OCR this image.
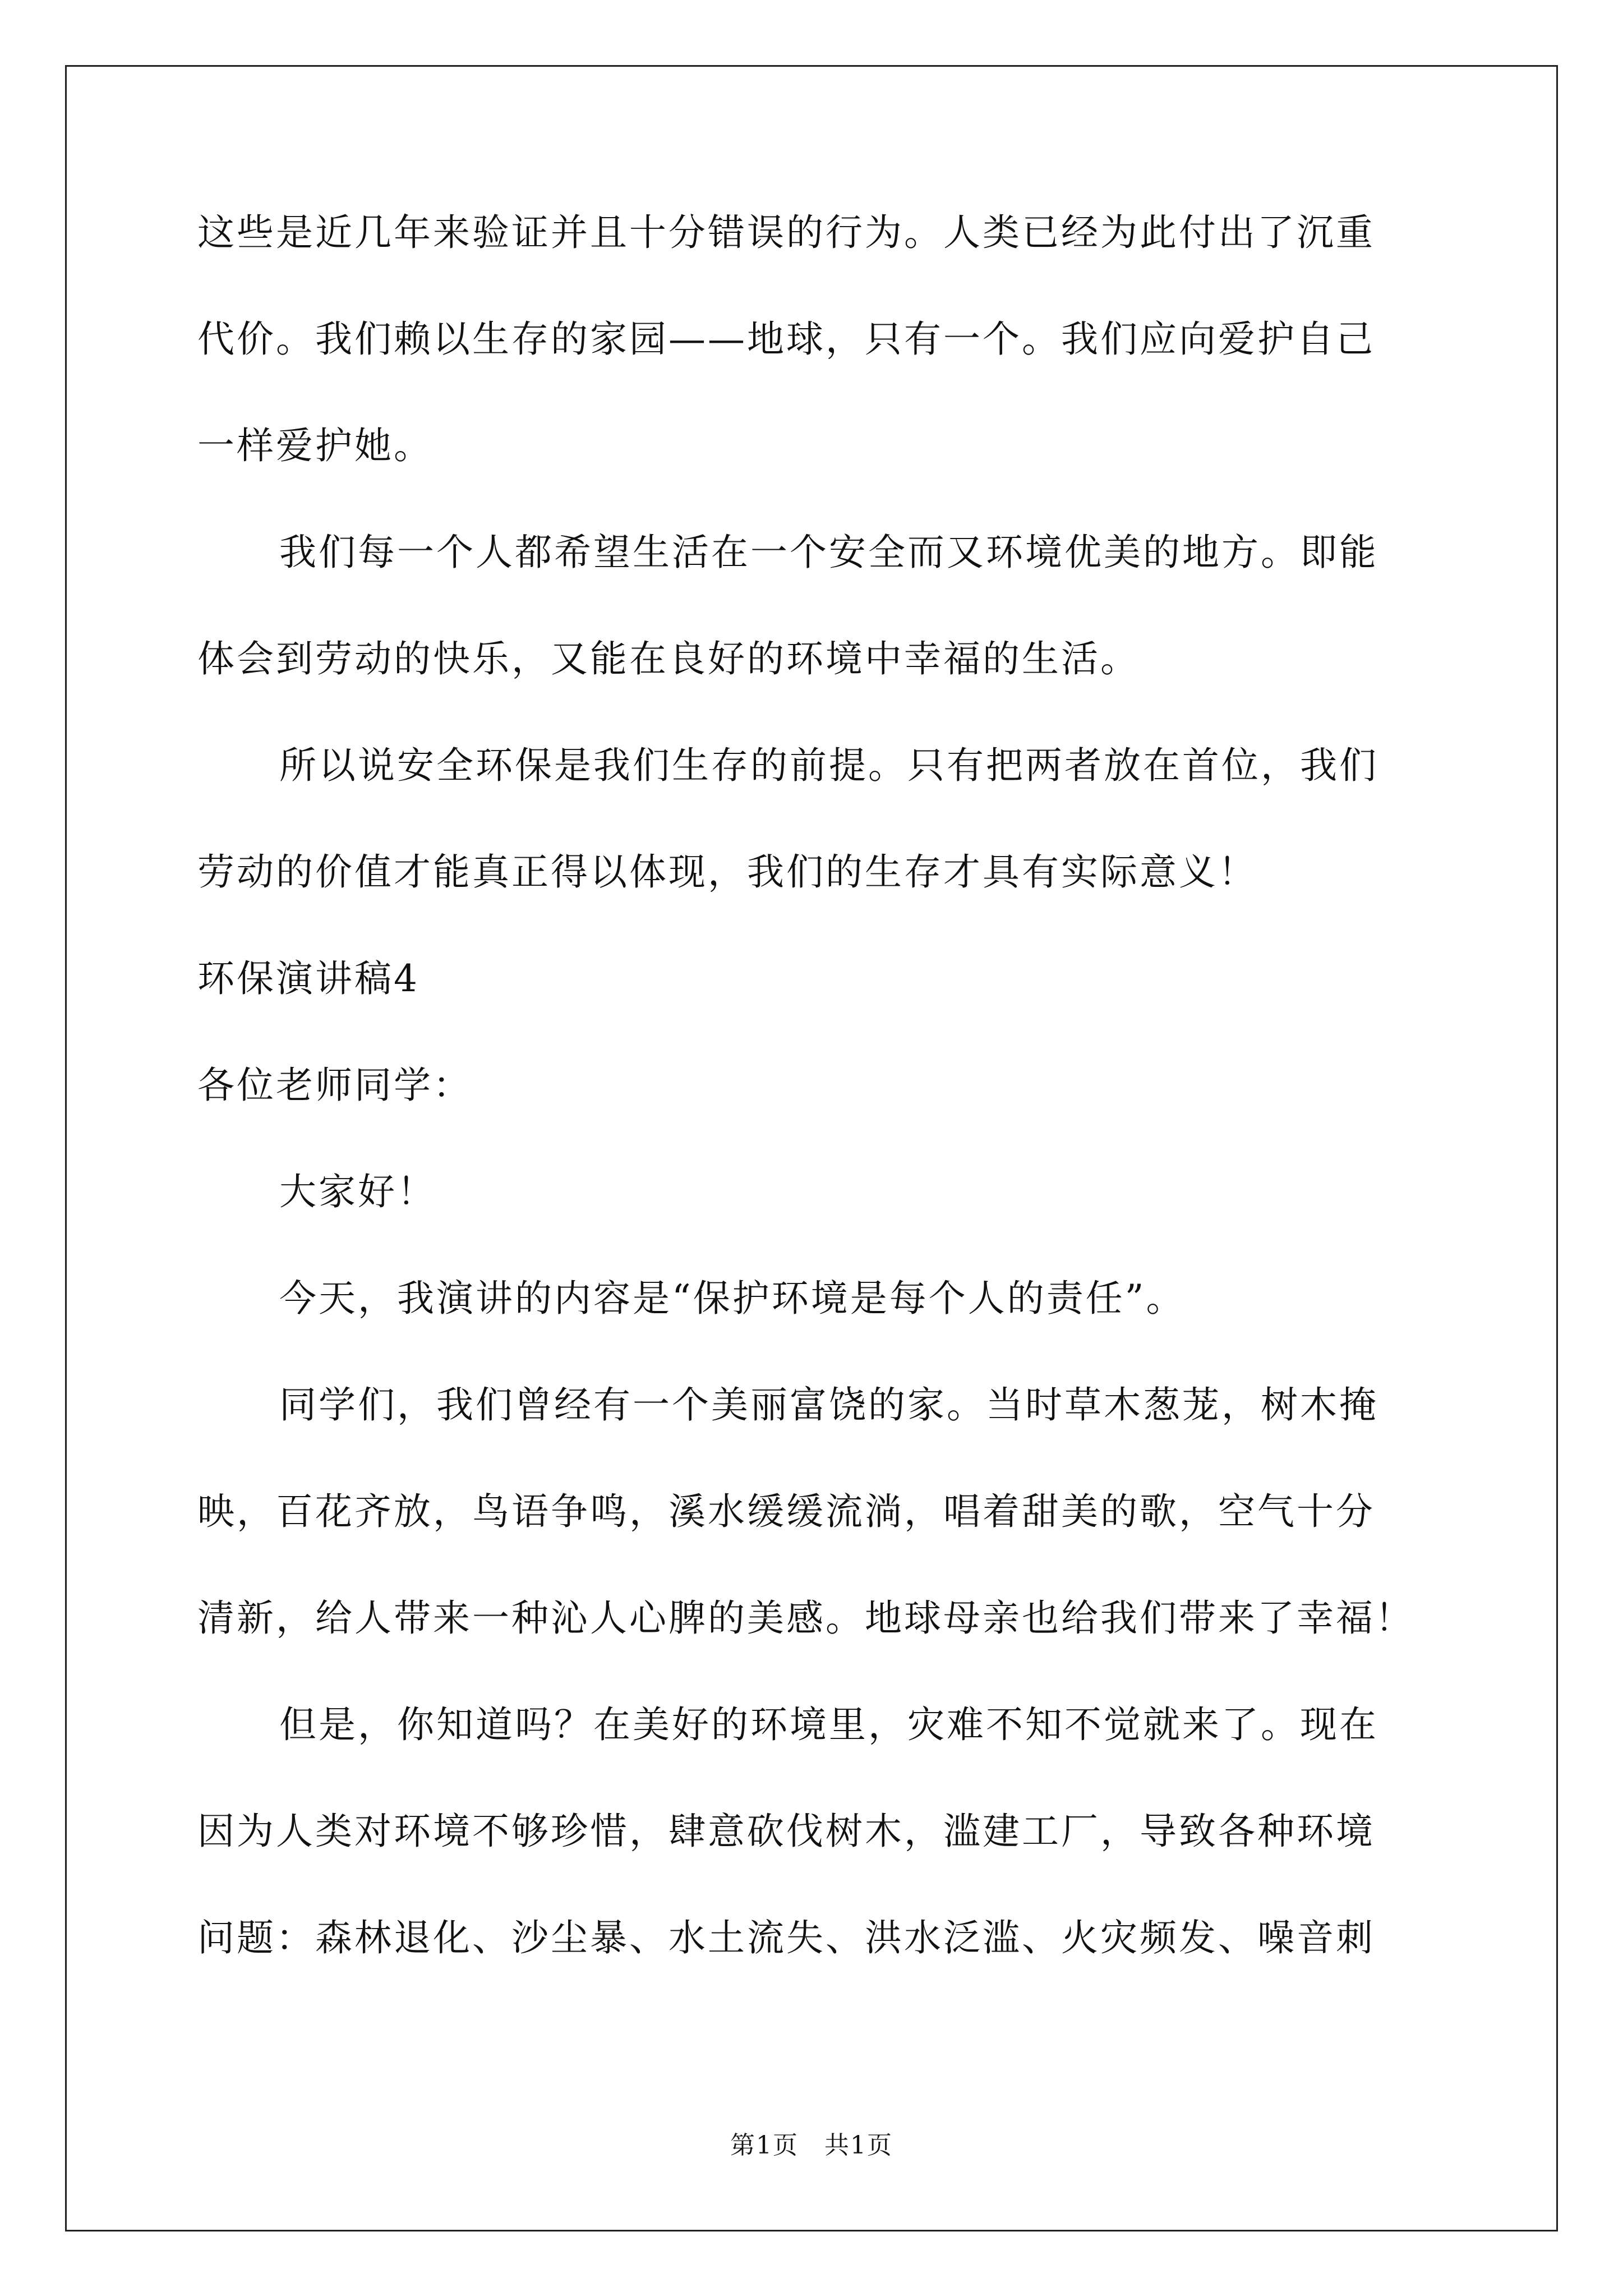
这些是近几年来验证并且十分错误的行为。人类已经为此付出了沉重
代价。我们赖以生存的家园——地球，只有一个。我们应向爱护自己
一样爱护她。
我们每一个人都希望生活在一个安全而又环境优美的地方。即能
体会到劳动的快乐，又能在良好的环境中幸福的生活。
所以说安全环保是我们生存的前提。只有把两者放在首位，我们
劳动的价值才能真正得以体现，我们的生存才具有实际意义！
环保演讲稿4
各位老师同学：
大家好！
今天，我演讲的内容是“保护环境是每个人的责任”。
同学们，我们曾经有一个美丽富饶的家。当时草木葱茏，树木掩
映，百花齐放，鸟语争鸣，溪水缓缓流淌，唱着甜美的歌，空气十分
清新，给人带来一种沁人心脾的美感。地球母亲也给我们带来了幸福！
但是，你知道吗？在美好的环境里，灾难不知不觉就来了。现在
因为人类对环境不够珍惜，肆意砍伐树木，滥建工厂，导致各种环境
问题：森林退化、沙尘暴、水土流失、洪水泛滥、火灾频发、噪音刺
第1页　共1页
